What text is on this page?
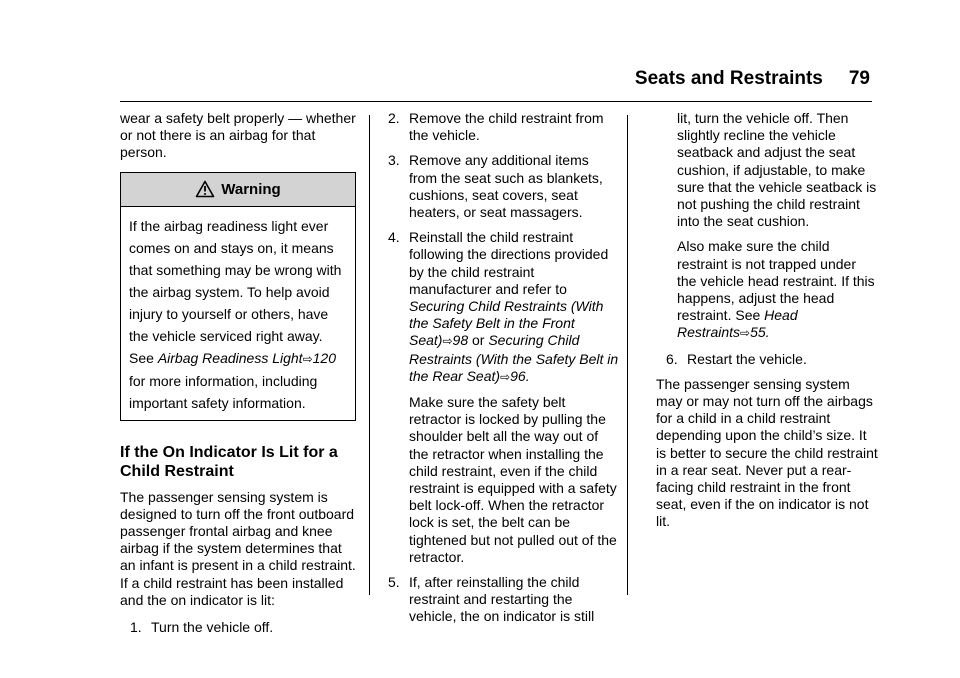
Seats and Restraints 79

wear a safety belt properly — whether or not there is an airbag for that person.

Warning
If the airbag readiness light ever comes on and stays on, it means that something may be wrong with the airbag system. To help avoid injury to yourself or others, have the vehicle serviced right away. See Airbag Readiness Light⇨120 for more information, including important safety information.
If the On Indicator Is Lit for a Child Restraint

The passenger sensing system is designed to turn off the front outboard passenger frontal airbag and knee airbag if the system determines that an infant is present in a child restraint. If a child restraint has been installed and the on indicator is lit:

1. Turn the vehicle off.
2. Remove the child restraint from the vehicle.
3. Remove any additional items from the seat such as blankets, cushions, seat covers, seat heaters, or seat massagers.
4. Reinstall the child restraint following the directions provided by the child restraint manufacturer and refer to Securing Child Restraints (With the Safety Belt in the Front Seat)⇨98 or Securing Child Restraints (With the Safety Belt in the Rear Seat)⇨96.

Make sure the safety belt retractor is locked by pulling the shoulder belt all the way out of the retractor when installing the child restraint, even if the child restraint is equipped with a safety belt lock-off. When the retractor lock is set, the belt can be tightened but not pulled out of the retractor.

5. If, after reinstalling the child restraint and restarting the vehicle, the on indicator is still

lit, turn the vehicle off. Then slightly recline the vehicle seatback and adjust the seat cushion, if adjustable, to make sure that the vehicle seatback is not pushing the child restraint into the seat cushion.

Also make sure the child restraint is not trapped under the vehicle head restraint. If this happens, adjust the head restraint. See Head Restraints⇨55.

6. Restart the vehicle.

The passenger sensing system may or may not turn off the airbags for a child in a child restraint depending upon the child’s size. It is better to secure the child restraint in a rear seat. Never put a rear-facing child restraint in the front seat, even if the on indicator is not lit.
